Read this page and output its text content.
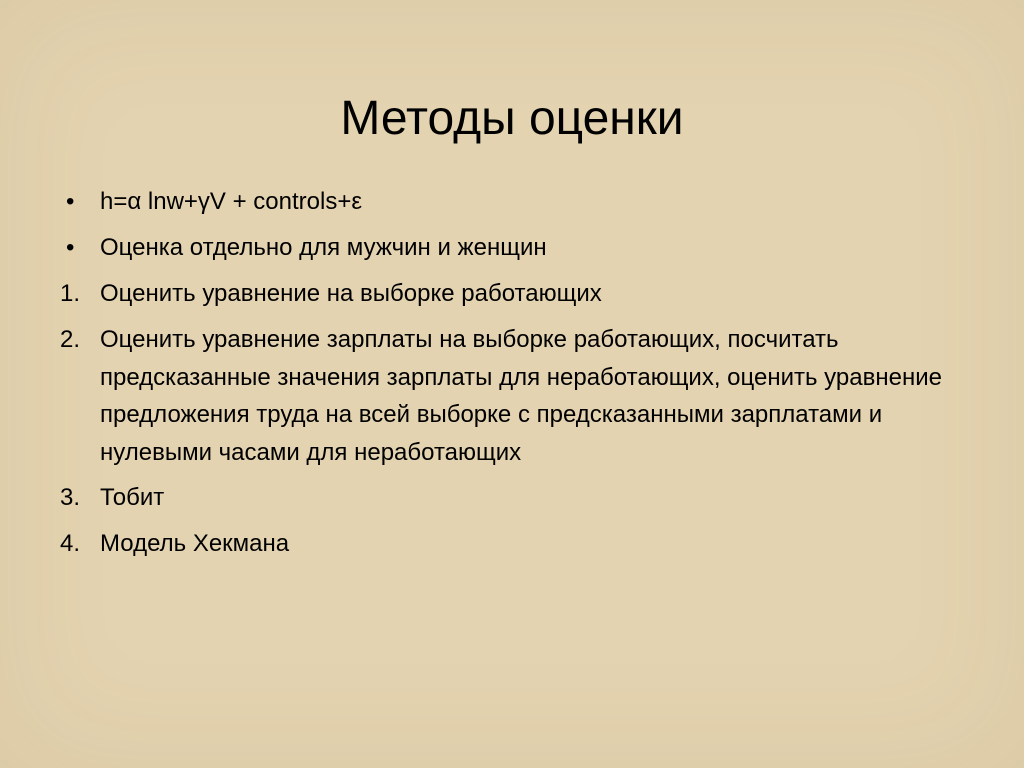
Методы оценки
•	h=α lnw+γV + controls+ε
•	Оценка отдельно для мужчин и женщин
1. Оценить уравнение на выборке работающих
2. Оценить уравнение зарплаты на выборке работающих, посчитать предсказанные значения зарплаты для неработающих, оценить уравнение предложения труда на всей выборке с предсказанными зарплатами и нулевыми часами для неработающих
3. Тобит
4. Модель Хекмана
